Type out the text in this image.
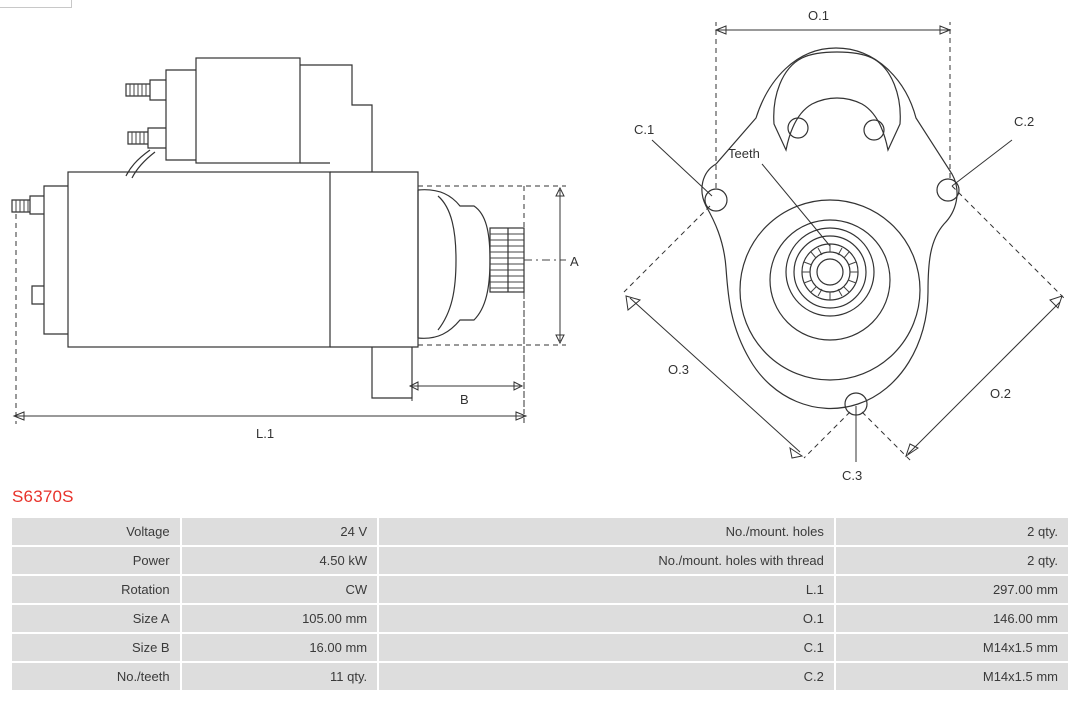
A
B
L.1
O.1
O.2
O.3
C.1
C.2
C.3
Teeth
S6370S
Voltage	24 V	No./mount. holes	2 qty.
Power	4.50 kW	No./mount. holes with thread	2 qty.
Rotation	CW	L.1	297.00 mm
Size A	105.00 mm	O.1	146.00 mm
Size B	16.00 mm	C.1	M14x1.5 mm
No./teeth	11 qty.	C.2	M14x1.5 mm
